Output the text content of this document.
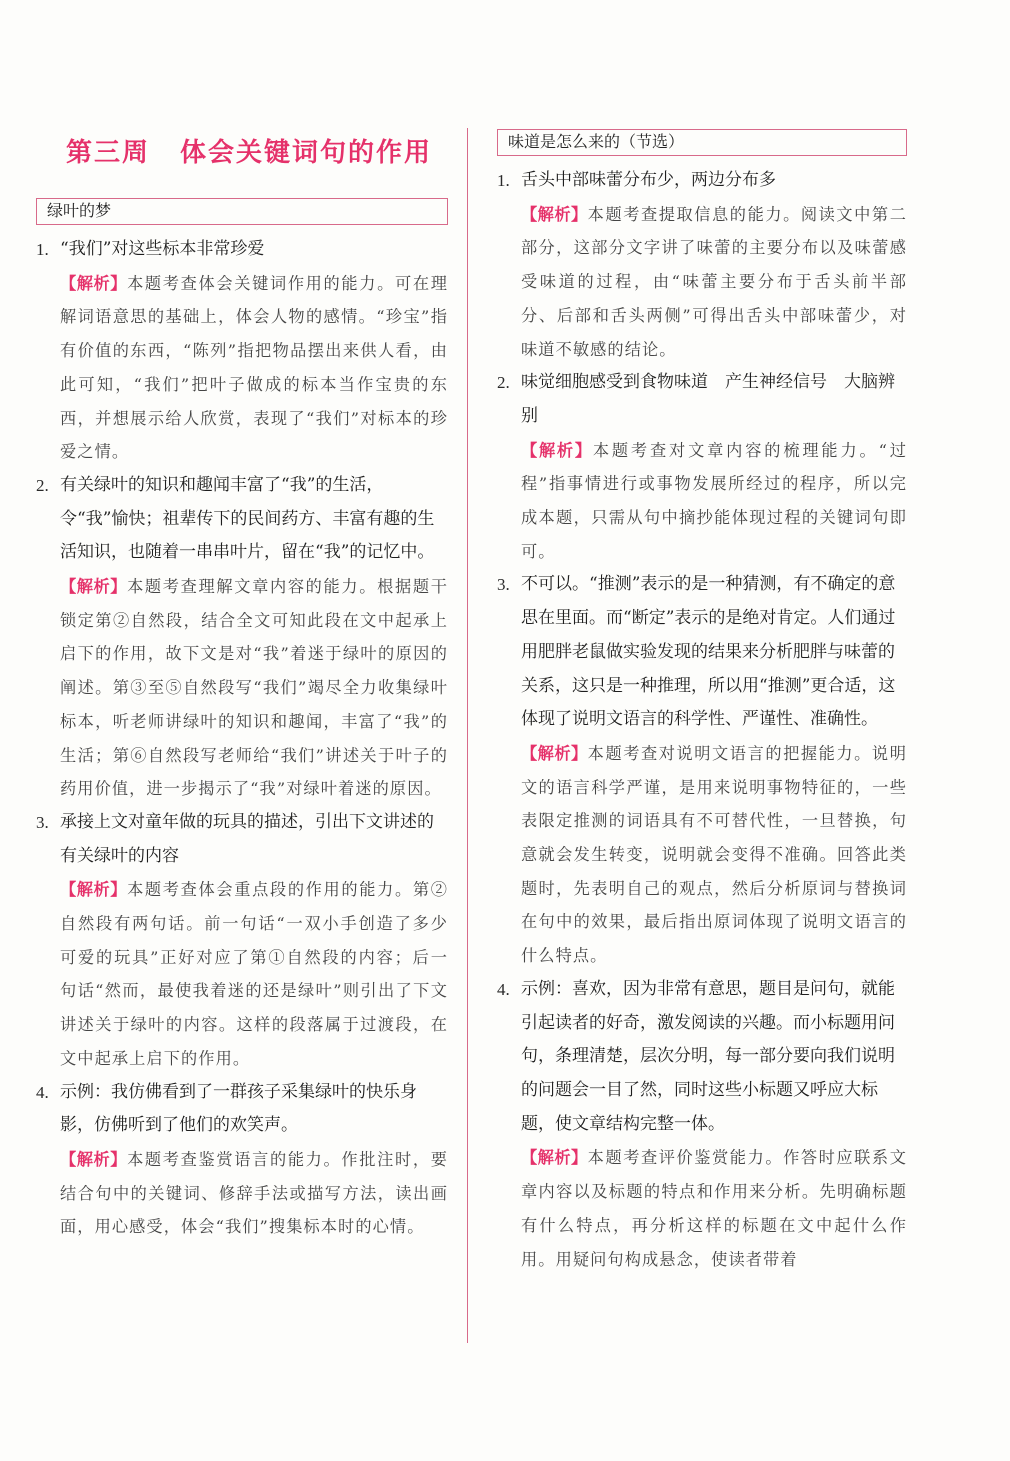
第三周 体会关键词句的作用
绿叶的梦
1. “我们”对这些标本非常珍爱
【解析】本题考查体会关键词作用的能力。可在理解词语意思的基础上，体会人物的感情。“珍宝”指有价值的东西，“陈列”指把物品摆出来供人看，由此可知，“我们”把叶子做成的标本当作宝贵的东西，并想展示给人欣赏，表现了“我们”对标本的珍爱之情。
2. 有关绿叶的知识和趣闻丰富了“我”的生活，令“我”愉快；祖辈传下的民间药方、丰富有趣的生活知识，也随着一串串叶片，留在“我”的记忆中。
【解析】本题考查理解文章内容的能力。根据题干锁定第②自然段，结合全文可知此段在文中起承上启下的作用，故下文是对“我”着迷于绿叶的原因的阐述。第③至⑤自然段写“我们”竭尽全力收集绿叶标本，听老师讲绿叶的知识和趣闻，丰富了“我”的生活；第⑥自然段写老师给“我们”讲述关于叶子的药用价值，进一步揭示了“我”对绿叶着迷的原因。
3. 承接上文对童年做的玩具的描述，引出下文讲述的有关绿叶的内容
【解析】本题考查体会重点段的作用的能力。第②自然段有两句话。前一句话“一双小手创造了多少可爱的玩具”正好对应了第①自然段的内容；后一句话“然而，最使我着迷的还是绿叶”则引出了下文讲述关于绿叶的内容。这样的段落属于过渡段，在文中起承上启下的作用。
4. 示例：我仿佛看到了一群孩子采集绿叶的快乐身影，仿佛听到了他们的欢笑声。
【解析】本题考查鉴赏语言的能力。作批注时，要结合句中的关键词、修辞手法或描写方法，读出画面，用心感受，体会“我们”搜集标本时的心情。
味道是怎么来的（节选）
1. 舌头中部味蕾分布少，两边分布多
【解析】本题考查提取信息的能力。阅读文中第二部分，这部分文字讲了味蕾的主要分布以及味蕾感受味道的过程，由“味蕾主要分布于舌头前半部分、后部和舌头两侧”可得出舌头中部味蕾少，对味道不敏感的结论。
2. 味觉细胞感受到食物味道　产生神经信号　大脑辨别
【解析】本题考查对文章内容的梳理能力。“过程”指事情进行或事物发展所经过的程序，所以完成本题，只需从句中摘抄能体现过程的关键词句即可。
3. 不可以。“推测”表示的是一种猜测，有不确定的意思在里面。而“断定”表示的是绝对肯定。人们通过用肥胖老鼠做实验发现的结果来分析肥胖与味蕾的关系，这只是一种推理，所以用“推测”更合适，这体现了说明文语言的科学性、严谨性、准确性。
【解析】本题考查对说明文语言的把握能力。说明文的语言科学严谨，是用来说明事物特征的，一些表限定推测的词语具有不可替代性，一旦替换，句意就会发生转变，说明就会变得不准确。回答此类题时，先表明自己的观点，然后分析原词与替换词在句中的效果，最后指出原词体现了说明文语言的什么特点。
4. 示例：喜欢，因为非常有意思，题目是问句，就能引起读者的好奇，激发阅读的兴趣。而小标题用问句，条理清楚，层次分明，每一部分要向我们说明的问题会一目了然，同时这些小标题又呼应大标题，使文章结构完整一体。
【解析】本题考查评价鉴赏能力。作答时应联系文章内容以及标题的特点和作用来分析。先明确标题有什么特点，再分析这样的标题在文中起什么作用。用疑问句构成悬念，使读者带着
